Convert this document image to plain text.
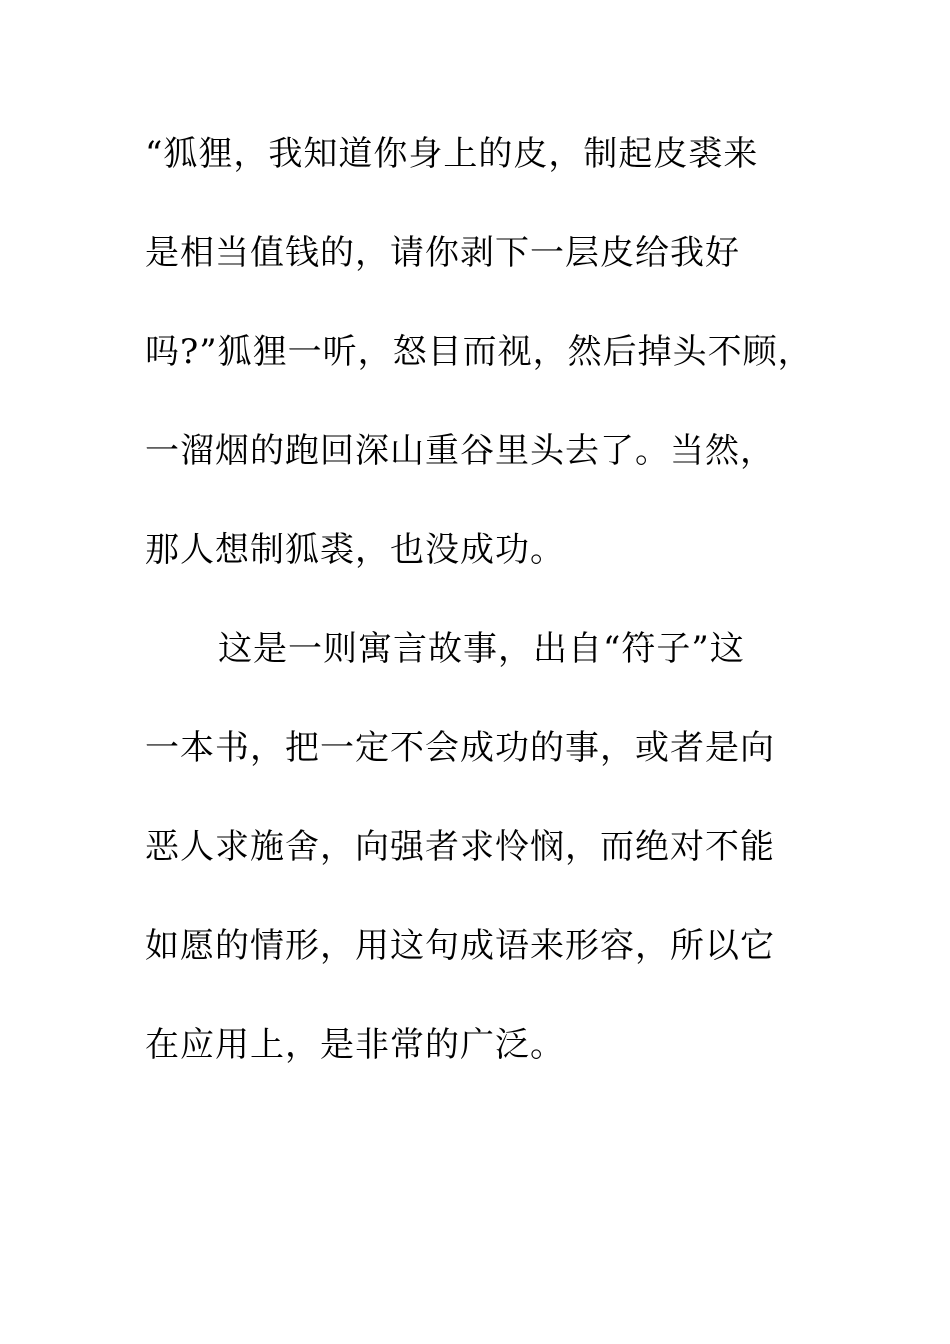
“狐狸，我知道你身上的皮，制起皮裘来
是相当值钱的，请你剥下一层皮给我好
吗?”狐狸一听，怒目而视，然后掉头不顾，
一溜烟的跑回深山重谷里头去了。当然，
那人想制狐裘，也没成功。
这是一则寓言故事，出自“符子”这
一本书，把一定不会成功的事，或者是向
恶人求施舍，向强者求怜悯，而绝对不能
如愿的情形，用这句成语来形容，所以它
在应用上，是非常的广泛。
